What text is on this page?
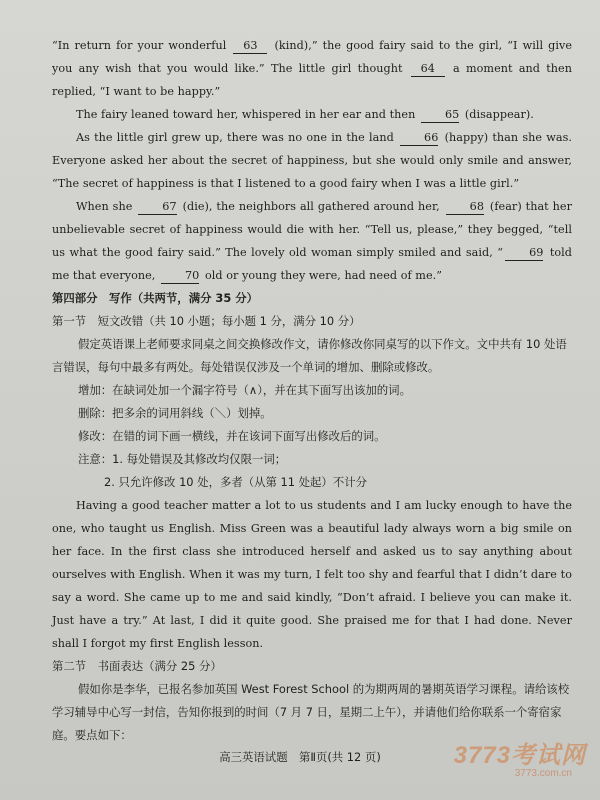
“In return for your wonderful 63 (kind),” the good fairy said to the girl, “I will give you any wish that you would like.” The little girl thought 64 a moment and then replied, “I want to be happy.”

The fairy leaned toward her, whispered in her ear and then 65 (disappear).

As the little girl grew up, there was no one in the land 66 (happy) than she was. Everyone asked her about the secret of happiness, but she would only smile and answer, “The secret of happiness is that I listened to a good fairy when I was a little girl.”

When she 67 (die), the neighbors all gathered around her, 68 (fear) that her unbelievable secret of happiness would die with her. “Tell us, please,” they begged, “tell us what the good fairy said.” The lovely old woman simply smiled and said, “ 69 told me that everyone, 70 old or young they were, had need of me.”

第四部分　写作（共两节，满分 35 分）

第一节　短文改错（共 10 小题；每小题 1 分，满分 10 分）

假定英语课上老师要求同桌之间交换修改作文，请你修改你同桌写的以下作文。文中共有 10 处语言错误，每句中最多有两处。每处错误仅涉及一个单词的增加、删除或修改。

增加：在缺词处加一个漏字符号（∧），并在其下面写出该加的词。

删除：把多余的词用斜线（＼）划掉。

修改：在错的词下画一横线，并在该词下面写出修改后的词。

注意：1. 每处错误及其修改均仅限一词；

2. 只允许修改 10 处，多者（从第 11 处起）不计分

Having a good teacher matter a lot to us students and I am lucky enough to have the one, who taught us English. Miss Green was a beautiful lady always worn a big smile on her face. In the first class she introduced herself and asked us to say anything about ourselves with English. When it was my turn, I felt too shy and fearful that I didn’t dare to say a word. She came up to me and said kindly, “Don’t afraid. I believe you can make it. Just have a try.” At last, I did it quite good. She praised me for that I had done. Never shall I forgot my first English lesson.

第二节　书面表达（满分 25 分）

假如你是李华，已报名参加英国 West Forest School 的为期两周的暑期英语学习课程。请给该校学习辅导中心写一封信，告知你报到的时间（7 月 7 日，星期二上午），并请他们给你联系一个寄宿家庭。要点如下：

高三英语试题　第Ⅱ页(共 12 页)	3773考试网
3773.com.cn
